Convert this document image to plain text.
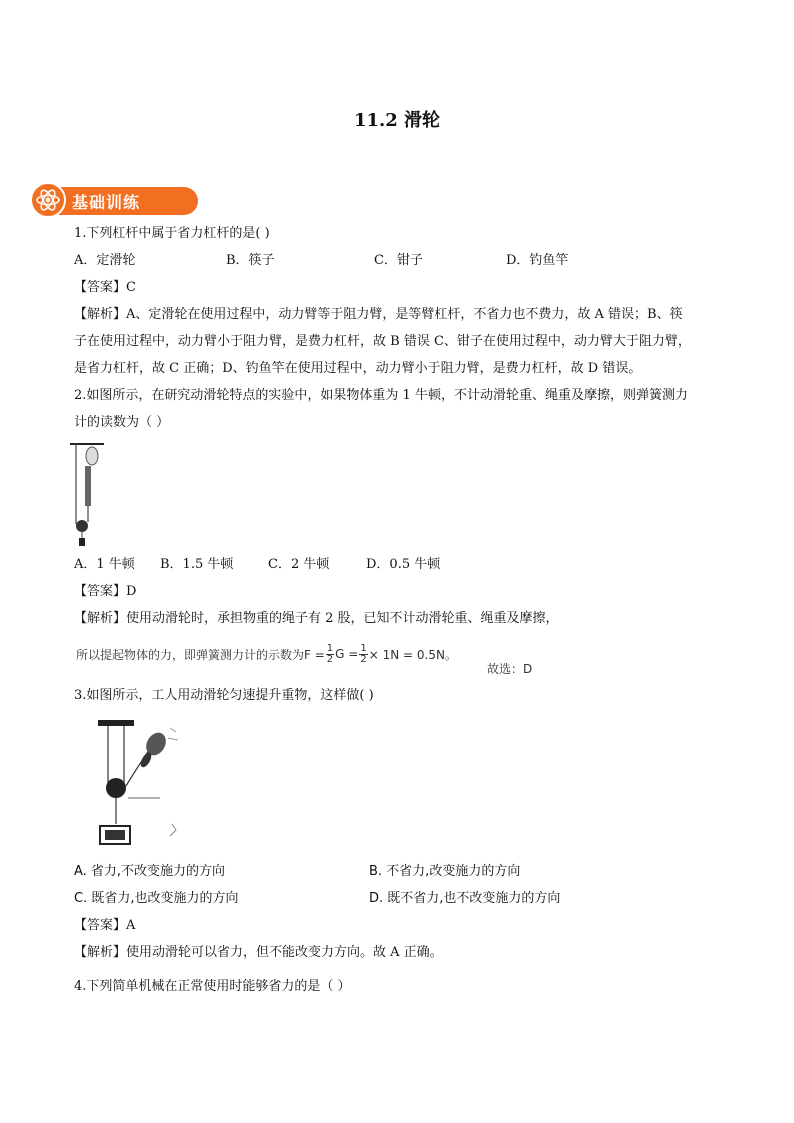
11.2 滑轮
基础训练
1.下列杠杆中属于省力杠杆的是( )
A．定滑轮	B．筷子	C．钳子	D．钓鱼竿
【答案】C
【解析】A、定滑轮在使用过程中，动力臂等于阻力臂，是等臂杠杆，不省力也不费力，故 A 错误；B、筷
子在使用过程中，动力臂小于阻力臂，是费力杠杆，故 B 错误 C、钳子在使用过程中，动力臂大于阻力臂，
是省力杠杆，故 C 正确；D、钓鱼竿在使用过程中，动力臂小于阻力臂，是费力杠杆，故 D 错误。
2.如图所示，在研究动滑轮特点的实验中，如果物体重为 1 牛顿，不计动滑轮重、绳重及摩擦，则弹簧测力
计的读数为（ ）
A．1 牛顿 B．1.5 牛顿	C．2 牛顿	D．0.5 牛顿
【答案】D
【解析】使用动滑轮时，承担物重的绳子有 2 股，已知不计动滑轮重、绳重及摩擦，
所以提起物体的力，即弹簧测力计的示数为$F = \frac{1}{2}$ $G = \frac{1}{2} \times 1N = 0.5N$。
故选：D
3.如图所示，工人用动滑轮匀速提升重物，这样做( )
A. 省力,不改变施力的方向	B. 不省力,改变施力的方向
C. 既省力,也改变施力的方向	D. 既不省力,也不改变施力的方向
【答案】A
【解析】使用动滑轮可以省力，但不能改变力方向。故 A 正确。
4.下列简单机械在正常使用时能够省力的是（ ）
